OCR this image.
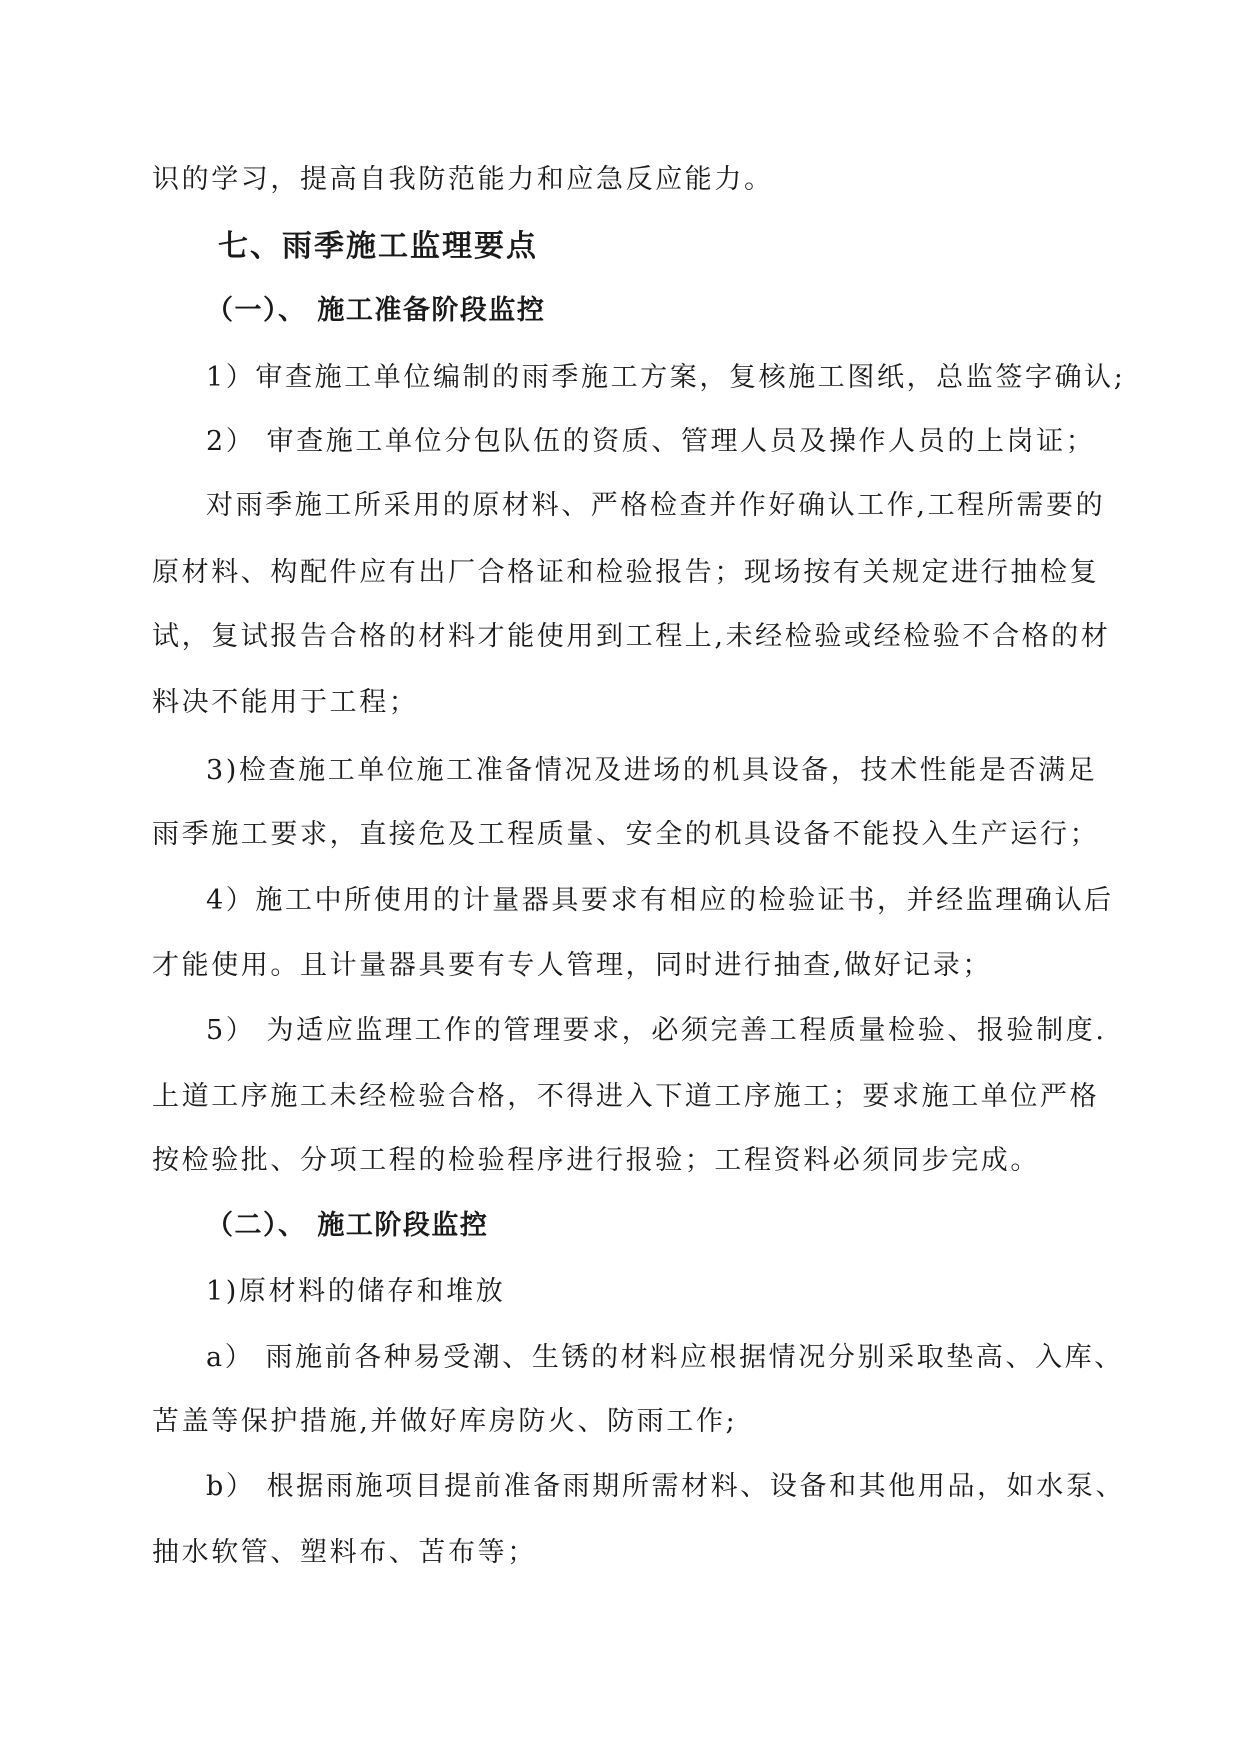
识的学习，提高自我防范能力和应急反应能力。
七、雨季施工监理要点
（一）、 施工准备阶段监控
1）审查施工单位编制的雨季施工方案，复核施工图纸，总监签字确认;
2） 审查施工单位分包队伍的资质、管理人员及操作人员的上岗证；
对雨季施工所采用的原材料、严格检查并作好确认工作,工程所需要的
原材料、构配件应有出厂合格证和检验报告；现场按有关规定进行抽检复
试，复试报告合格的材料才能使用到工程上,未经检验或经检验不合格的材
料决不能用于工程；
3)检查施工单位施工准备情况及进场的机具设备，技术性能是否满足
雨季施工要求，直接危及工程质量、安全的机具设备不能投入生产运行；
4）施工中所使用的计量器具要求有相应的检验证书，并经监理确认后
才能使用。且计量器具要有专人管理，同时进行抽查,做好记录；
5） 为适应监理工作的管理要求，必须完善工程质量检验、报验制度.
上道工序施工未经检验合格，不得进入下道工序施工；要求施工单位严格
按检验批、分项工程的检验程序进行报验；工程资料必须同步完成。
（二）、 施工阶段监控
1)原材料的储存和堆放
a） 雨施前各种易受潮、生锈的材料应根据情况分别采取垫高、入库、
苫盖等保护措施,并做好库房防火、防雨工作;
b） 根据雨施项目提前准备雨期所需材料、设备和其他用品，如水泵、
抽水软管、塑料布、苫布等；
